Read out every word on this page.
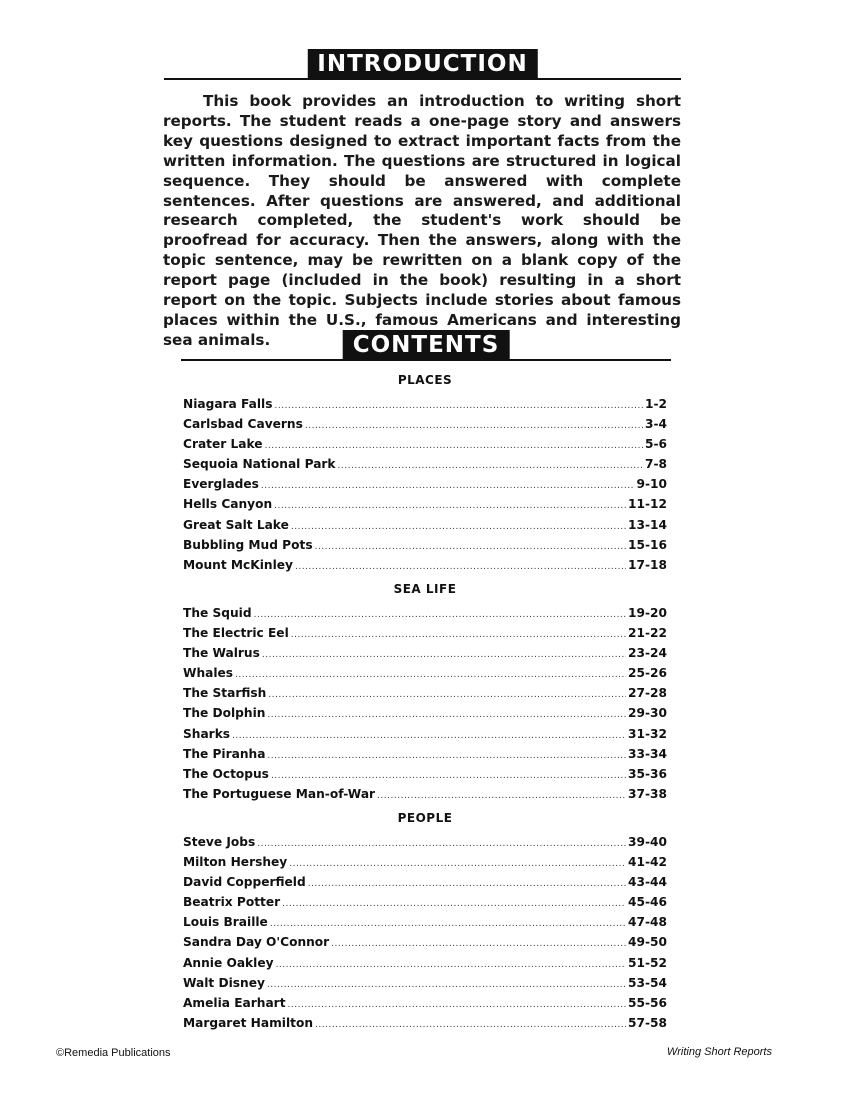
INTRODUCTION
This book provides an introduction to writing short reports. The student reads a one-page story and answers key questions designed to extract important facts from the written information. The questions are structured in logical sequence. They should be answered with complete sentences. After questions are answered, and additional research completed, the student's work should be proofread for accuracy. Then the answers, along with the topic sentence, may be rewritten on a blank copy of the report page (included in the book) resulting in a short report on the topic. Subjects include stories about famous places within the U.S., famous Americans and interesting sea animals.	CONTENTS
PLACES
Niagara Falls .....	1-2
Carlsbad Caverns .....	3-4
Crater Lake .....	5-6
Sequoia National Park .....	7-8
Everglades .....	9-10
Hells Canyon .....	11-12
Great Salt Lake .....	13-14
Bubbling Mud Pots .....	15-16
Mount McKinley .....	17-18
SEA LIFE
The Squid .....	19-20
The Electric Eel .....	21-22
The Walrus .....	23-24
Whales .....	25-26
The Starfish .....	27-28
The Dolphin .....	29-30
Sharks .....	31-32
The Piranha .....	33-34
The Octopus .....	35-36
The Portuguese Man-of-War .....	37-38
PEOPLE
Steve Jobs .....	39-40
Milton Hershey .....	41-42
David Copperfield .....	43-44
Beatrix Potter .....	45-46
Louis Braille .....	47-48
Sandra Day O'Connor .....	49-50
Annie Oakley .....	51-52
Walt Disney .....	53-54
Amelia Earhart .....	55-56
Margaret Hamilton .....	57-58
©Remedia Publications	Writing Short Reports
